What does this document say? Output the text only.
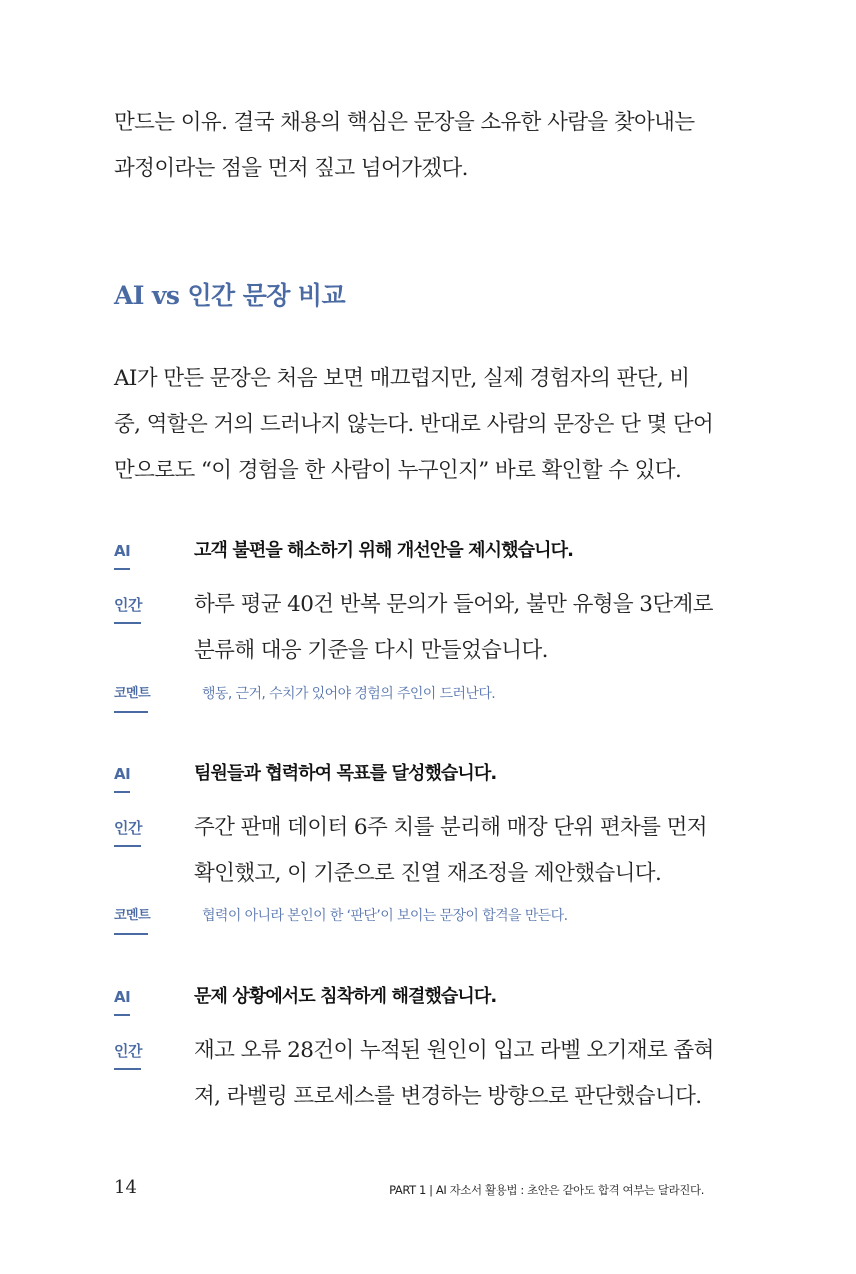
만드는 이유. 결국 채용의 핵심은 문장을 소유한 사람을 찾아내는 과정이라는 점을 먼저 짚고 넘어가겠다.

AI vs 인간 문장 비교

AI가 만든 문장은 처음 보면 매끄럽지만, 실제 경험자의 판단, 비중, 역할은 거의 드러나지 않는다. 반대로 사람의 문장은 단 몇 단어만으로도 “이 경험을 한 사람이 누구인지” 바로 확인할 수 있다.

AI	고객 불편을 해소하기 위해 개선안을 제시했습니다.

인간 하루 평균 40건 반복 문의가 들어와, 불만 유형을 3단계로 분류해 대응 기준을 다시 만들었습니다.

코멘트	행동, 근거, 수치가 있어야 경험의 주인이 드러난다.

AI	팀원들과 협력하여 목표를 달성했습니다.

인간 주간 판매 데이터 6주 치를 분리해 매장 단위 편차를 먼저 확인했고, 이 기준으로 진열 재조정을 제안했습니다.

코멘트	협력이 아니라 본인이 한 ‘판단’이 보이는 문장이 합격을 만든다.

AI	문제 상황에서도 침착하게 해결했습니다.

인간 재고 오류 28건이 누적된 원인이 입고 라벨 오기재로 좁혀져, 라벨링 프로세스를 변경하는 방향으로 판단했습니다.

14	PART 1 | AI 자소서 활용법 : 초안은 같아도 합격 여부는 달라진다.
